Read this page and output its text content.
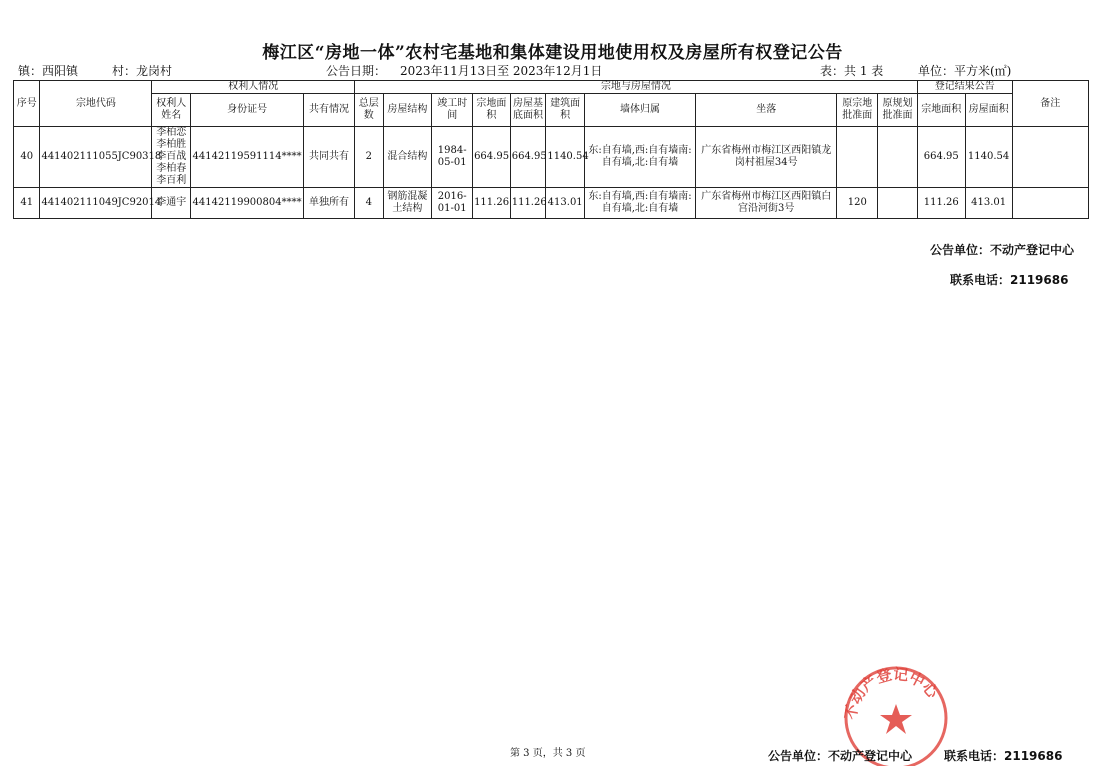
梅江区“房地一体”农村宅基地和集体建设用地使用权及房屋所有权登记公告
镇：西阳镇	村：龙岗村	公告日期： 2023年11月13日至 2023年12月1日	表：共 1 表	单位：平方米(㎡)
序号	宗地代码	权利人情况			宗地与房屋情况										登记结果公告		备注
		权利人姓名	身份证号	共有情况	总层数	房屋结构	竣工时间	宗地面积	房屋基底面积	建筑面积	墙体归属	坐落	原宗地批准面	原规划批准面	宗地面积	房屋面积	
40	441402111055JC90318	李柏恋
李柏胜
李百战
李柏春
李百利	44142119591114****	共同共有	2	混合结构	1984-05-01	664.95	664.95	1140.54	东:自有墙,西:自有墙南:自有墙,北:自有墙	广东省梅州市梅江区西阳镇龙岗村祖屋34号			664.95	1140.54	
41	441402111049JC92014	李通宇	44142119900804****	单独所有	4	钢筋混凝土结构	2016-01-01	111.26	111.26	413.01	东:自有墙,西:自有墙南:自有墙,北:自有墙	广东省梅州市梅江区西阳镇白宫沿河街3号	120		111.26	413.01	
公告单位：不动产登记中心
联系电话：2119686
第 3 页，共 3 页
不动产登记中心
公告单位：不动产登记中心	联系电话：2119686
